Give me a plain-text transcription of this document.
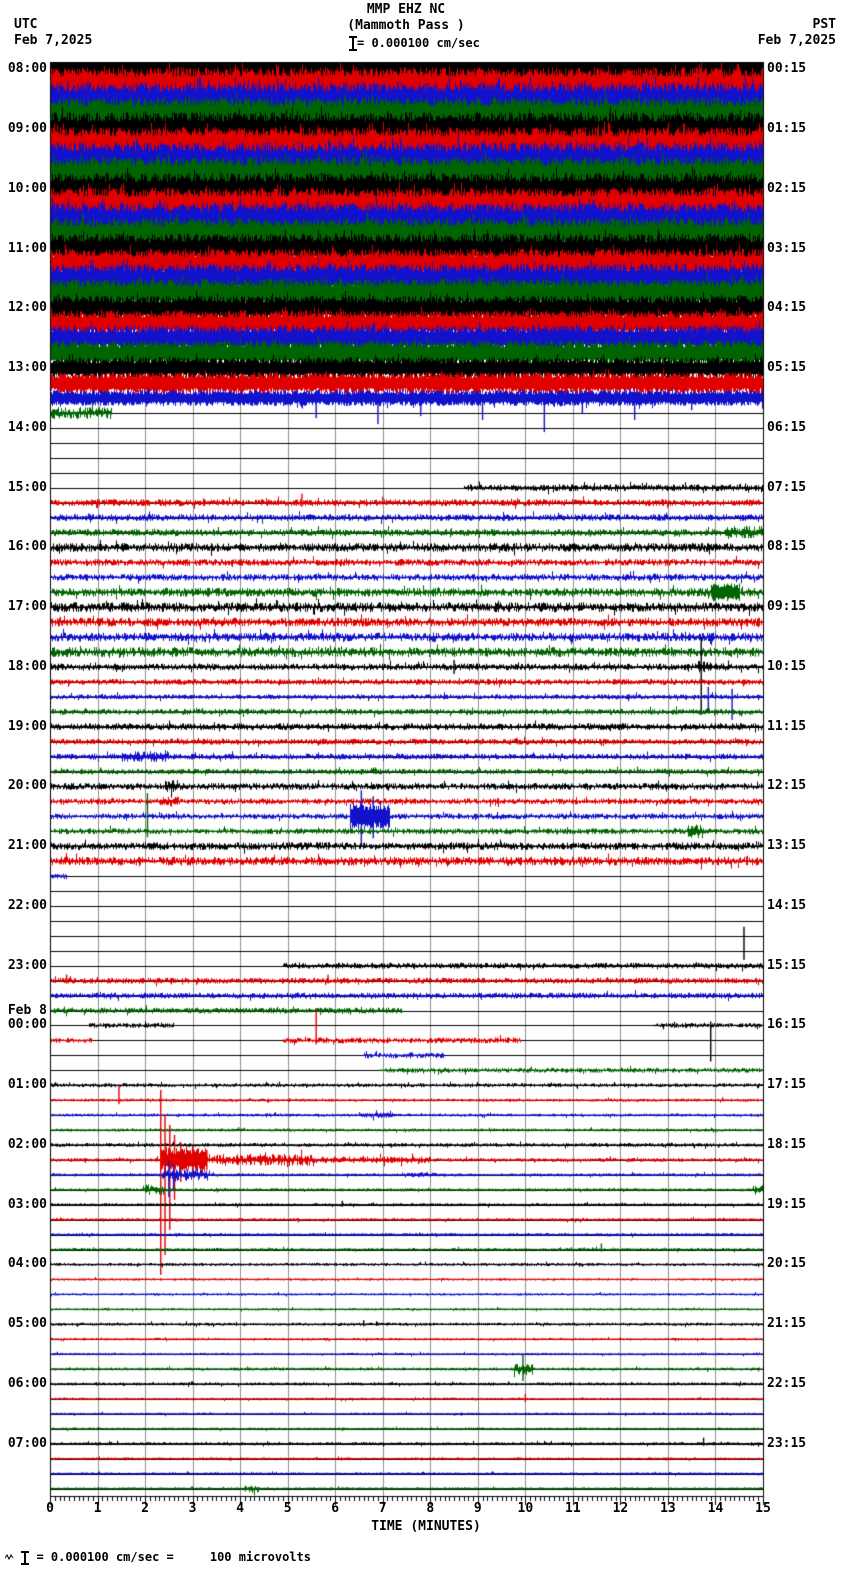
MMP EHZ NC
(Mammoth Pass )
= 0.000100 cm/sec
UTC
Feb 7,2025
PST
Feb 7,2025
08:00
09:00
10:00
11:00
12:00
13:00
14:00
15:00
16:00
17:00
18:00
19:00
20:00
21:00
22:00
23:00
Feb 8
00:00
01:00
02:00
03:00
04:00
05:00
06:00
07:00
00:15
01:15
02:15
03:15
04:15
05:15
06:15
07:15
08:15
09:15
10:15
11:15
12:15
13:15
14:15
15:15
16:15
17:15
18:15
19:15
20:15
21:15
22:15
23:15
0	1	2	3	4	5	6	7	8	9	10	11	12	13	14	15
TIME (MINUTES)
= 0.000100 cm/sec =     100 microvolts
